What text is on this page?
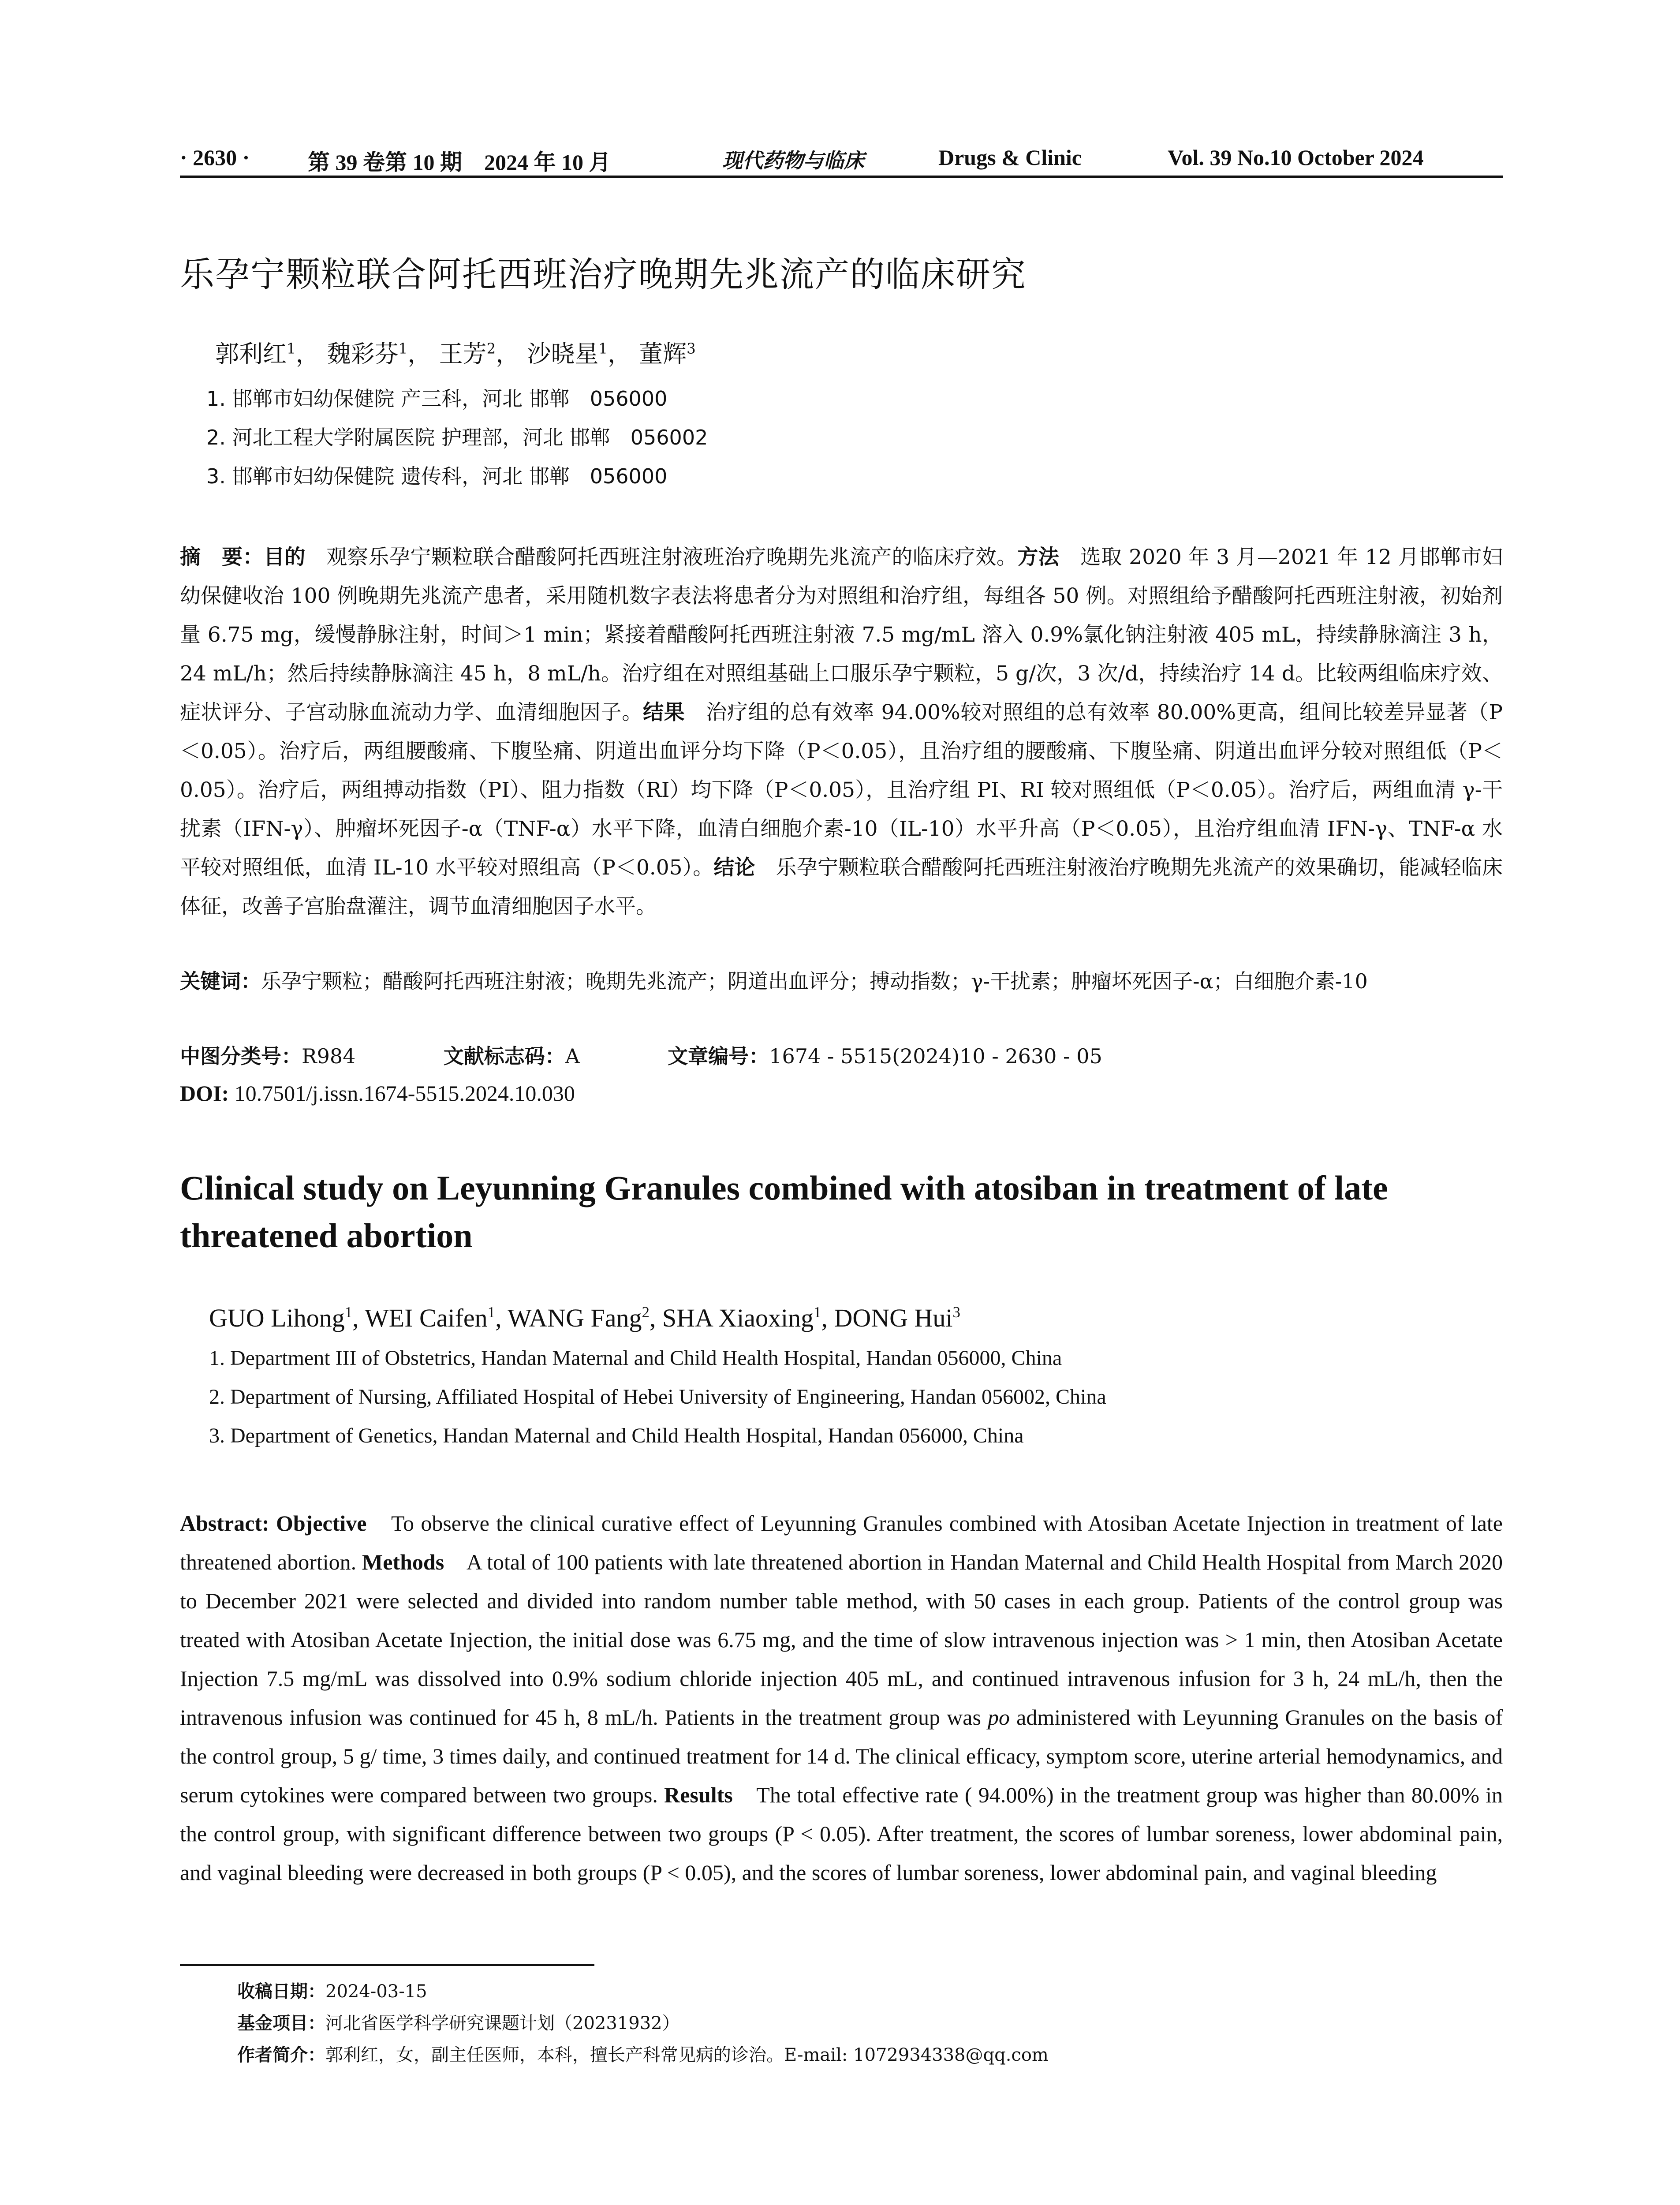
· 2630 ·	第 39 卷第 10 期　2024 年 10 月	现代药物与临床	Drugs & Clinic	Vol. 39 No.10 October 2024
乐孕宁颗粒联合阿托西班治疗晚期先兆流产的临床研究
郭利红$^1$， 魏彩芬$^1$， 王芳$^2$， 沙晓星$^1$， 董辉$^3$
1. 邯郸市妇幼保健院 产三科，河北 邯郸　056000
2. 河北工程大学附属医院 护理部，河北 邯郸　056002
3. 邯郸市妇幼保健院 遗传科，河北 邯郸　056000
摘　要：目的　观察乐孕宁颗粒联合醋酸阿托西班注射液班治疗晚期先兆流产的临床疗效。方法　选取 2020 年 3 月—2021 年 12 月邯郸市妇幼保健收治 100 例晚期先兆流产患者，采用随机数字表法将患者分为对照组和治疗组，每组各 50 例。对照组给予醋酸阿托西班注射液，初始剂量 6.75 mg，缓慢静脉注射，时间＞1 min；紧接着醋酸阿托西班注射液 7.5 mg/mL 溶入 0.9%氯化钠注射液 405 mL，持续静脉滴注 3 h，24 mL/h；然后持续静脉滴注 45 h，8 mL/h。治疗组在对照组基础上口服乐孕宁颗粒，5 g/次，3 次/d，持续治疗 14 d。比较两组临床疗效、症状评分、子宫动脉血流动力学、血清细胞因子。结果　治疗组的总有效率 94.00%较对照组的总有效率 80.00%更高，组间比较差异显著（P＜0.05）。治疗后，两组腰酸痛、下腹坠痛、阴道出血评分均下降（P＜0.05），且治疗组的腰酸痛、下腹坠痛、阴道出血评分较对照组低（P＜0.05）。治疗后，两组搏动指数（PI）、阻力指数（RI）均下降（P＜0.05），且治疗组 PI、RI 较对照组低（P＜0.05）。治疗后，两组血清 γ-干扰素（IFN-γ）、肿瘤坏死因子-α（TNF-α）水平下降，血清白细胞介素-10（IL-10）水平升高（P＜0.05），且治疗组血清 IFN-γ、TNF-α 水平较对照组低，血清 IL-10 水平较对照组高（P＜0.05）。结论　乐孕宁颗粒联合醋酸阿托西班注射液治疗晚期先兆流产的效果确切，能减轻临床体征，改善子宫胎盘灌注，调节血清细胞因子水平。
关键词：乐孕宁颗粒；醋酸阿托西班注射液；晚期先兆流产；阴道出血评分；搏动指数；γ-干扰素；肿瘤坏死因子-α；白细胞介素-10
中图分类号：R984	文献标志码：A	文章编号：1674 - 5515(2024)10 - 2630 - 05
DOI: 10.7501/j.issn.1674-5515.2024.10.030
Clinical study on Leyunning Granules combined with atosiban in treatment of late threatened abortion
GUO Lihong$^1$, WEI Caifen$^1$, WANG Fang$^2$, SHA Xiaoxing$^1$, DONG Hui$^3$
1. Department III of Obstetrics, Handan Maternal and Child Health Hospital, Handan 056000, China
2. Department of Nursing, Affiliated Hospital of Hebei University of Engineering, Handan 056002, China
3. Department of Genetics, Handan Maternal and Child Health Hospital, Handan 056000, China
Abstract: Objective　To observe the clinical curative effect of Leyunning Granules combined with Atosiban Acetate Injection in treatment of late threatened abortion. Methods　A total of 100 patients with late threatened abortion in Handan Maternal and Child Health Hospital from March 2020 to December 2021 were selected and divided into random number table method, with 50 cases in each group. Patients of the control group was treated with Atosiban Acetate Injection, the initial dose was 6.75 mg, and the time of slow intravenous injection was > 1 min, then Atosiban Acetate Injection 7.5 mg/mL was dissolved into 0.9% sodium chloride injection 405 mL, and continued intravenous infusion for 3 h, 24 mL/h, then the intravenous infusion was continued for 45 h, 8 mL/h. Patients in the treatment group was po administered with Leyunning Granules on the basis of the control group, 5 g/ time, 3 times daily, and continued treatment for 14 d. The clinical efficacy, symptom score, uterine arterial hemodynamics, and serum cytokines were compared between two groups. Results　The total effective rate ( 94.00%) in the treatment group was higher than 80.00% in the control group, with significant difference between two groups (P < 0.05). After treatment, the scores of lumbar soreness, lower abdominal pain, and vaginal bleeding were decreased in both groups (P < 0.05), and the scores of lumbar soreness, lower abdominal pain, and vaginal bleeding
收稿日期：2024-03-15
基金项目：河北省医学科学研究课题计划（20231932）
作者简介：郭利红，女，副主任医师，本科，擅长产科常见病的诊治。E-mail: 1072934338@qq.com
